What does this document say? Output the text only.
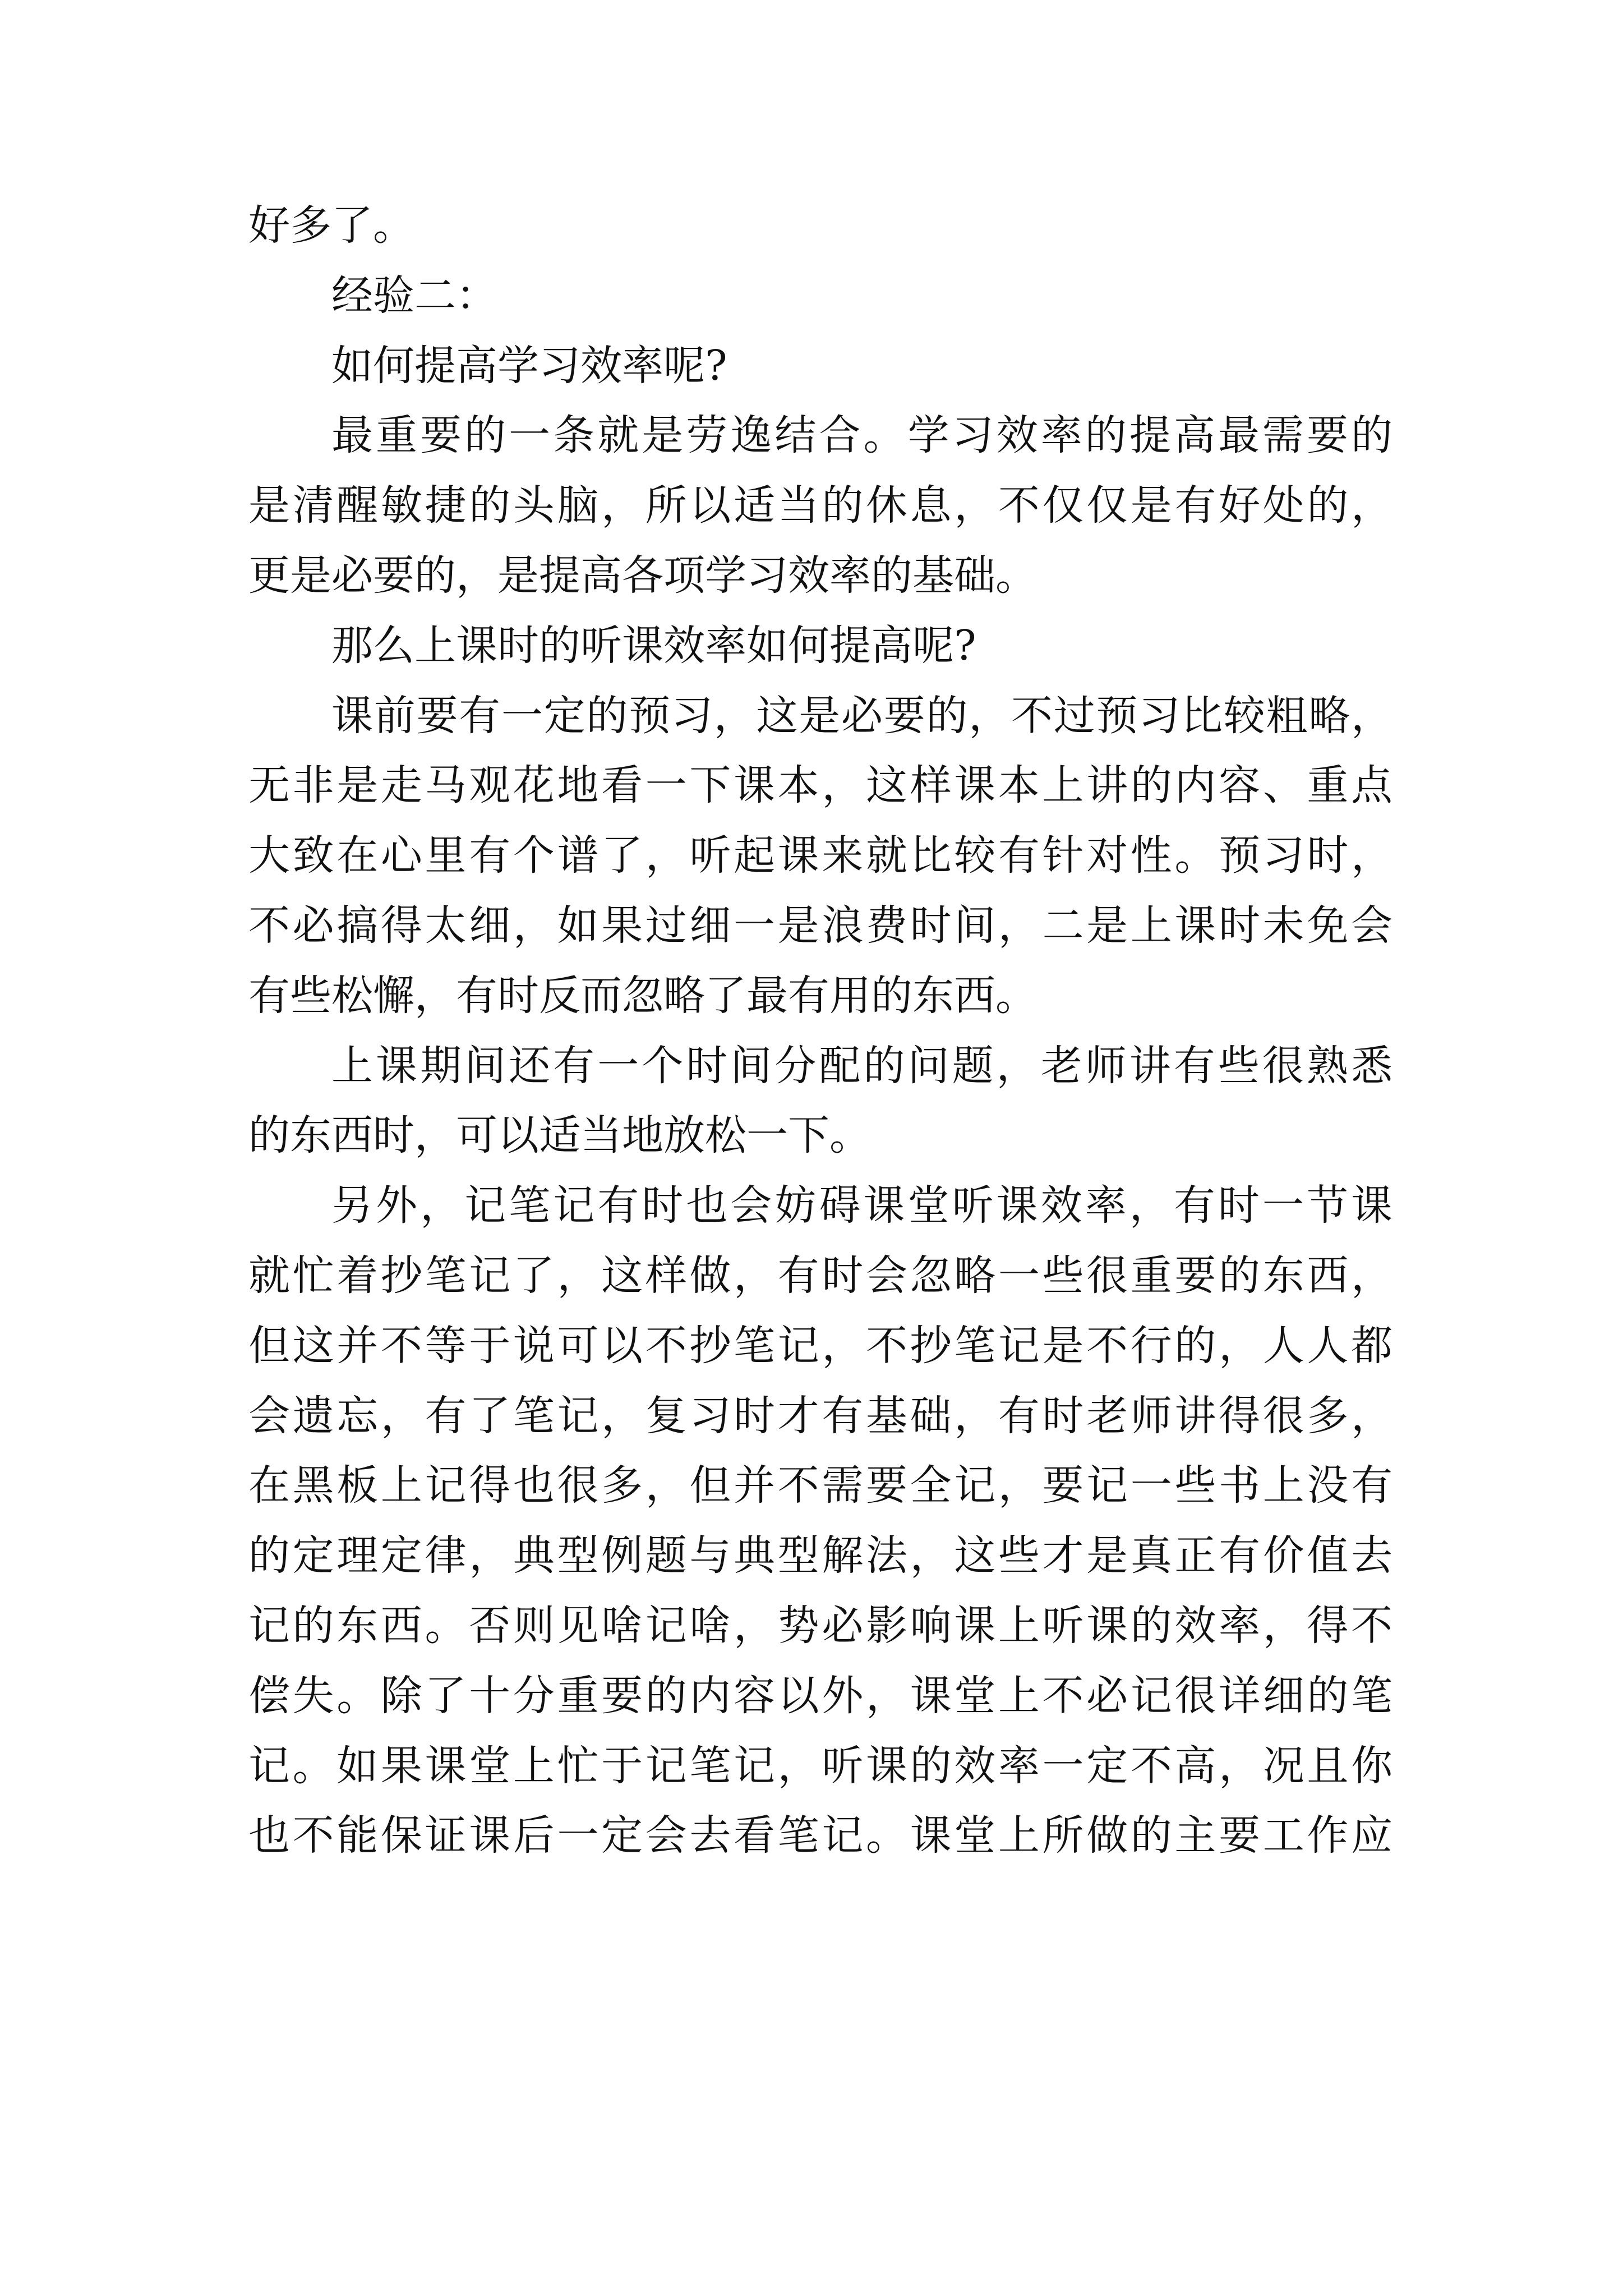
好多了。
经验二：
如何提高学习效率呢?
最重要的一条就是劳逸结合。学习效率的提高最需要的
是清醒敏捷的头脑，所以适当的休息，不仅仅是有好处的，
更是必要的，是提高各项学习效率的基础。
那么上课时的听课效率如何提高呢?
课前要有一定的预习，这是必要的，不过预习比较粗略，
无非是走马观花地看一下课本，这样课本上讲的内容、重点
大致在心里有个谱了，听起课来就比较有针对性。预习时，
不必搞得太细，如果过细一是浪费时间，二是上课时未免会
有些松懈，有时反而忽略了最有用的东西。
上课期间还有一个时间分配的问题，老师讲有些很熟悉
的东西时，可以适当地放松一下。
另外，记笔记有时也会妨碍课堂听课效率，有时一节课
就忙着抄笔记了，这样做，有时会忽略一些很重要的东西，
但这并不等于说可以不抄笔记，不抄笔记是不行的，人人都
会遗忘，有了笔记，复习时才有基础，有时老师讲得很多，
在黑板上记得也很多，但并不需要全记，要记一些书上没有
的定理定律，典型例题与典型解法，这些才是真正有价值去
记的东西。否则见啥记啥，势必影响课上听课的效率，得不
偿失。除了十分重要的内容以外，课堂上不必记很详细的笔
记。如果课堂上忙于记笔记，听课的效率一定不高，况且你
也不能保证课后一定会去看笔记。课堂上所做的主要工作应
